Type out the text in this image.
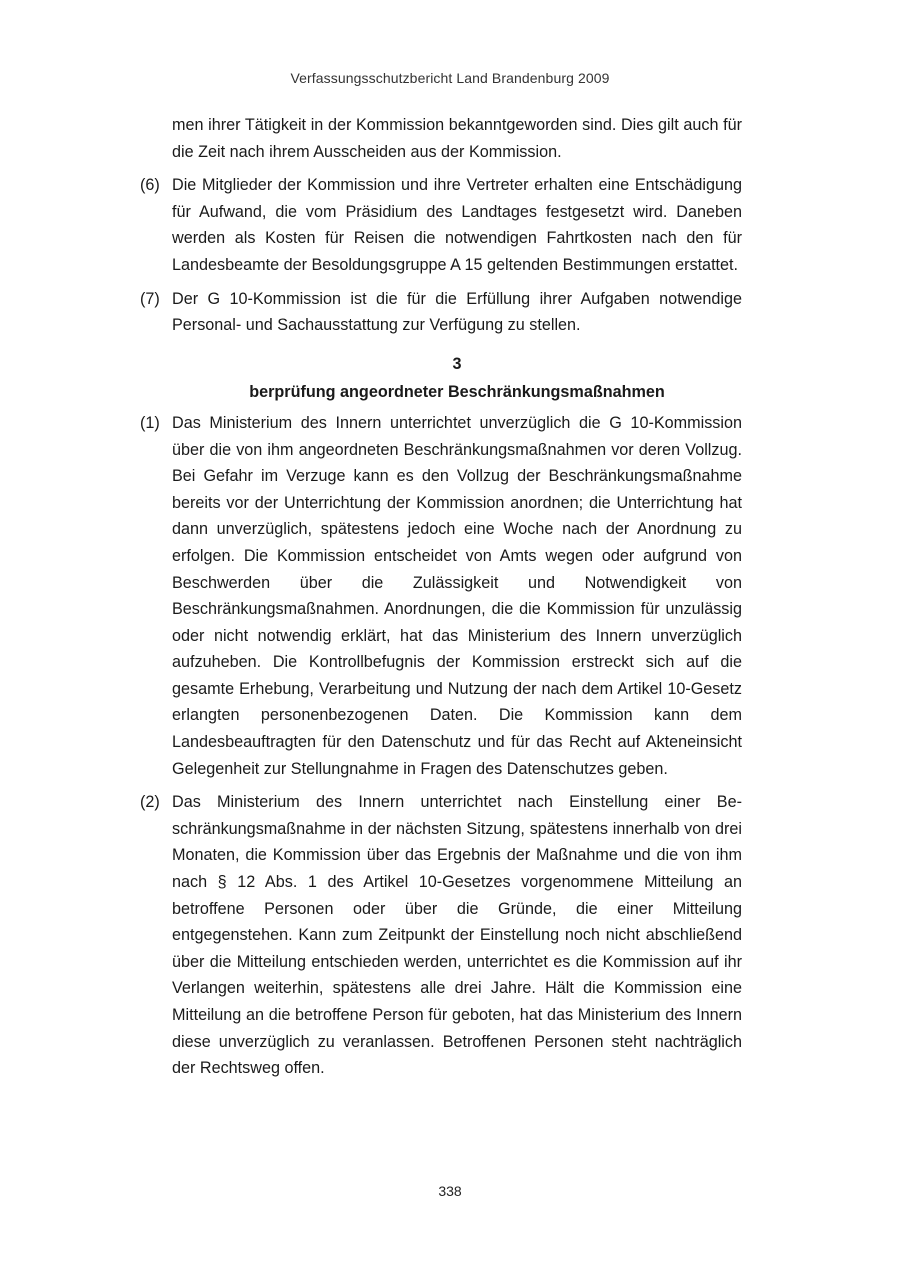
Verfassungsschutzbericht Land Brandenburg 2009

men ihrer Tätigkeit in der Kommission bekanntgeworden sind. Dies gilt auch für die Zeit nach ihrem Ausscheiden aus der Kommission.

(6) Die Mitglieder der Kommission und ihre Vertreter erhalten eine Entschädigung für Aufwand, die vom Präsidium des Landtages festgesetzt wird. Daneben werden als Kosten für Reisen die notwendigen Fahrtkosten nach den für Landesbeamte der Besoldungsgruppe A 15 geltenden Bestimmungen erstattet.
(7) Der G 10-Kommission ist die für die Erfüllung ihrer Aufgaben notwendige Personal- und Sachausstattung zur Verfügung zu stellen.
3
berprüfung angeordneter Beschränkungsmaßnahmen
(1) Das Ministerium des Innern unterrichtet unverzüglich die G 10-Kommission über die von ihm angeordneten Beschränkungsmaßnahmen vor deren Vollzug. Bei Gefahr im Verzuge kann es den Vollzug der Beschränkungsmaßnahme bereits vor der Unterrichtung der Kommission anordnen; die Unterrichtung hat dann unverzüglich, spätestens jedoch eine Woche nach der Anordnung zu erfolgen. Die Kommission entscheidet von Amts wegen oder aufgrund von Beschwerden über die Zulässigkeit und Notwendigkeit von Beschränkungsmaßnahmen. Anordnungen, die die Kommission für unzulässig oder nicht notwendig erklärt, hat das Ministerium des Innern unverzüglich aufzuheben. Die Kontrollbefugnis der Kommission erstreckt sich auf die gesamte Erhebung, Verarbeitung und Nutzung der nach dem Artikel 10-Gesetz erlangten personenbezogenen Daten. Die Kommission kann dem Landesbeauftragten für den Datenschutz und für das Recht auf Akteneinsicht Gelegenheit zur Stellungnahme in Fragen des Datenschutzes geben.
(2) Das Ministerium des Innern unterrichtet nach Einstellung einer Beschränkungsmaßnahme in der nächsten Sitzung, spätestens innerhalb von drei Monaten, die Kommission über das Ergebnis der Maßnahme und die von ihm nach § 12 Abs. 1 des Artikel 10-Gesetzes vorgenommene Mitteilung an betroffene Personen oder über die Gründe, die einer Mitteilung entgegenstehen. Kann zum Zeitpunkt der Einstellung noch nicht abschließend über die Mitteilung entschieden werden, unterrichtet es die Kommission auf ihr Verlangen weiterhin, spätestens alle drei Jahre. Hält die Kommission eine Mitteilung an die betroffene Person für geboten, hat das Ministerium des Innern diese unverzüglich zu veranlassen. Betroffenen Personen steht nachträglich der Rechtsweg offen.
338
